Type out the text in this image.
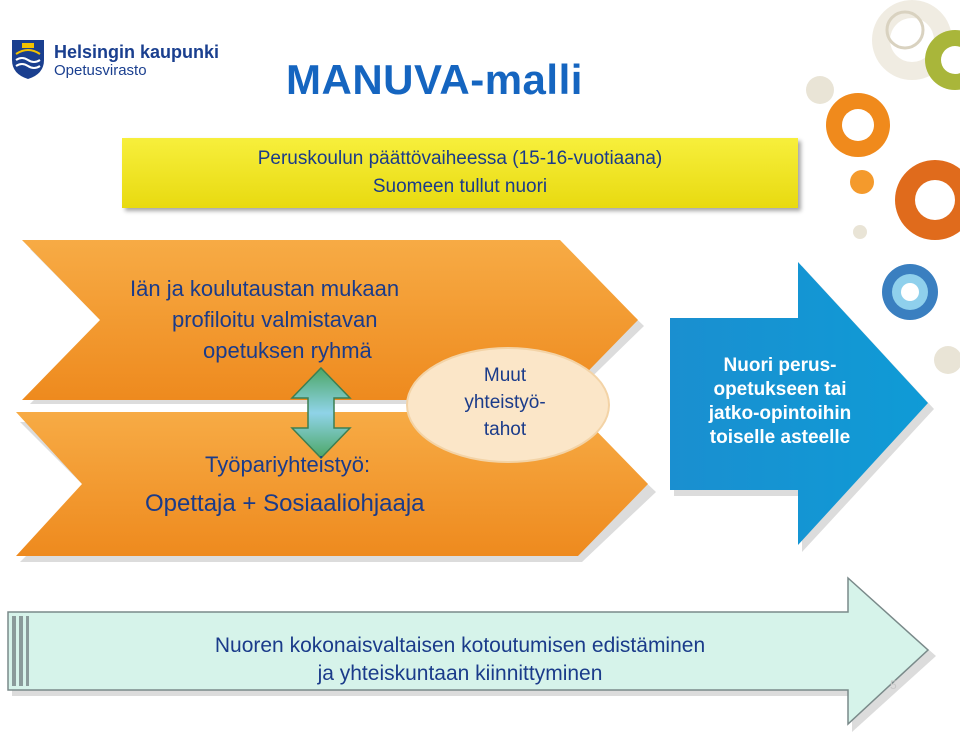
Helsingin kaupunki
Opetusvirasto	MANUVA-malli
Peruskoulun päättövaiheessa (15-16-vuotiaana)
Suomeen tullut nuori
Iän ja koulutaustan mukaan
profiloitu valmistavan
opetuksen ryhmä
Työpariyhteistyö:
Opettaja + Sosiaaliohjaaja
Muut
yhteistyö-
tahot
Nuori perus-
opetukseen tai
jatko-opintoihin
toiselle asteelle
Nuoren kokonaisvaltaisen kotoutumisen edistäminen
ja yhteiskuntaan kiinnittyminen	5
